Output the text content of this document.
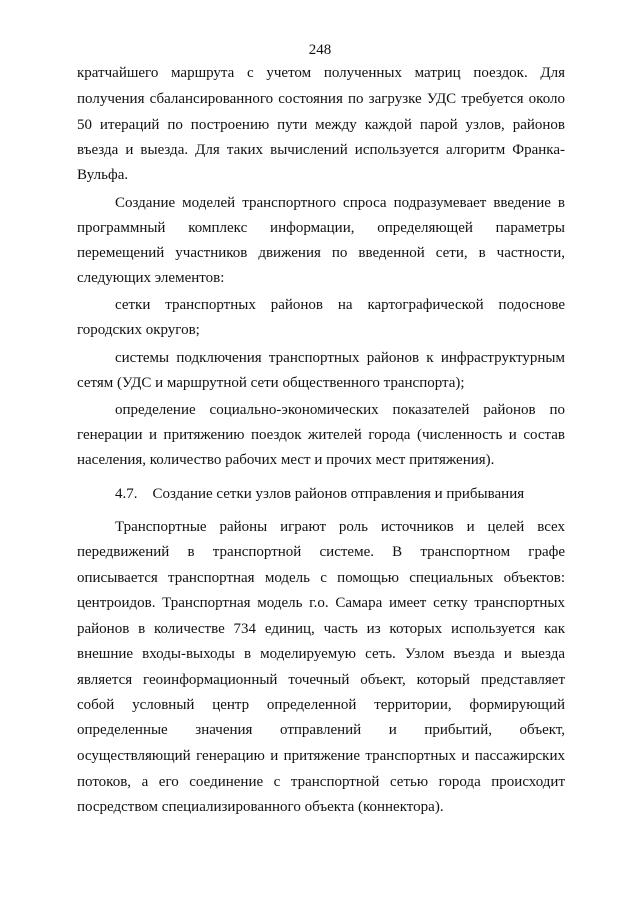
248
кратчайшего маршрута с учетом полученных матриц поездок. Для
получения сбалансированного состояния по загрузке УДС требуется около
50 итераций по построению пути между каждой парой узлов, районов
въезда и выезда. Для таких вычислений используется алгоритм Франка-
Вульфа.
Создание моделей транспортного спроса подразумевает введение в
программный комплекс информации, определяющей параметры
перемещений участников движения по введенной сети, в частности,
следующих элементов:
сетки транспортных районов на картографической подоснове
городских округов;
системы подключения транспортных районов к инфраструктурным
сетям (УДС и маршрутной сети общественного транспорта);
определение социально-экономических показателей районов по
генерации и притяжению поездок жителей города (численность и состав
населения, количество рабочих мест и прочих мест притяжения).
4.7.    Создание сетки узлов районов отправления и прибывания
Транспортные районы играют роль источников и целей всех
передвижений в транспортной системе. В транспортном графе
описывается транспортная модель с помощью специальных объектов:
центроидов. Транспортная модель г.о. Самара имеет сетку транспортных
районов в количестве 734 единиц, часть из которых используется как
внешние входы-выходы в моделируемую сеть. Узлом въезда и выезда
является геоинформационный точечный объект, который представляет
собой условный центр определенной территории, формирующий
определенные значения отправлений и прибытий, объект,
осуществляющий генерацию и притяжение транспортных и пассажирских
потоков, а его соединение с транспортной сетью города происходит
посредством специализированного объекта (коннектора).
